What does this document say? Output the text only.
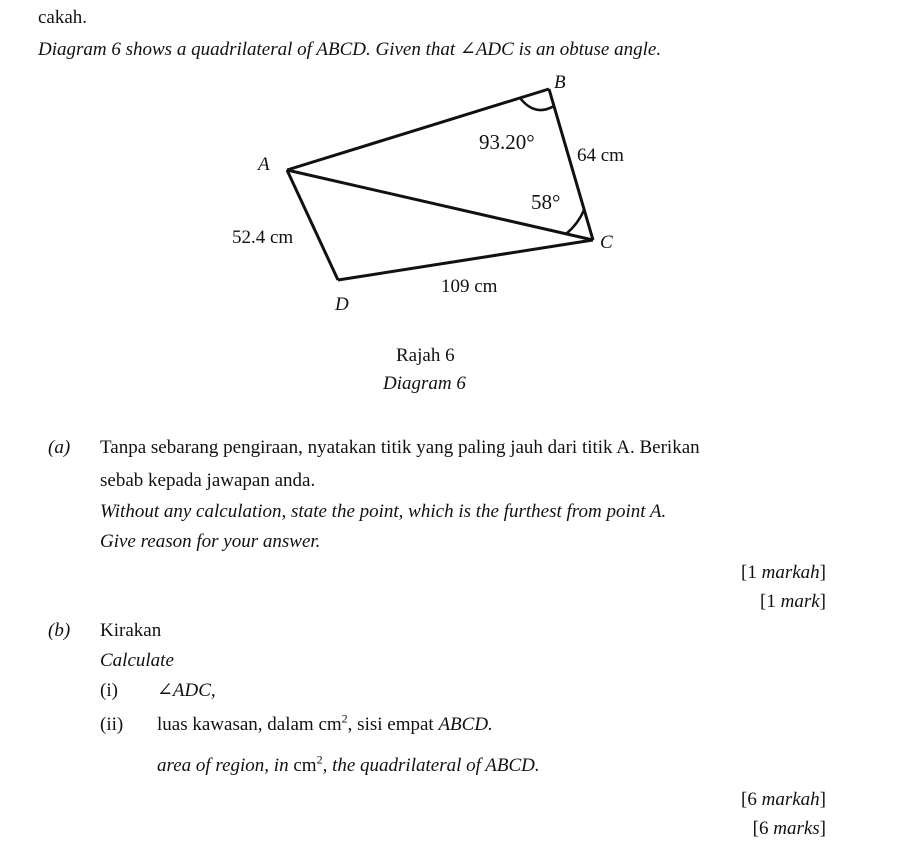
cakah.
Diagram 6 shows a quadrilateral of ABCD. Given that ∠ADC is an obtuse angle.
B
A
C
D
93.20°
58°
64 cm
52.4 cm
109 cm
Rajah 6
Diagram 6
(a) Tanpa sebarang pengiraan, nyatakan titik yang paling jauh dari titik A. Berikan
sebab kepada jawapan anda.
Without any calculation, state the point, which is the furthest from point A.
Give reason for your answer.
[1 markah]
[1 mark]
(b) Kirakan
Calculate
(i) ∠ADC,
(ii) luas kawasan, dalam $cm^2$, sisi empat ABCD.
area of region, in $cm^2$, the quadrilateral of ABCD.
[6 markah]
[6 marks]
